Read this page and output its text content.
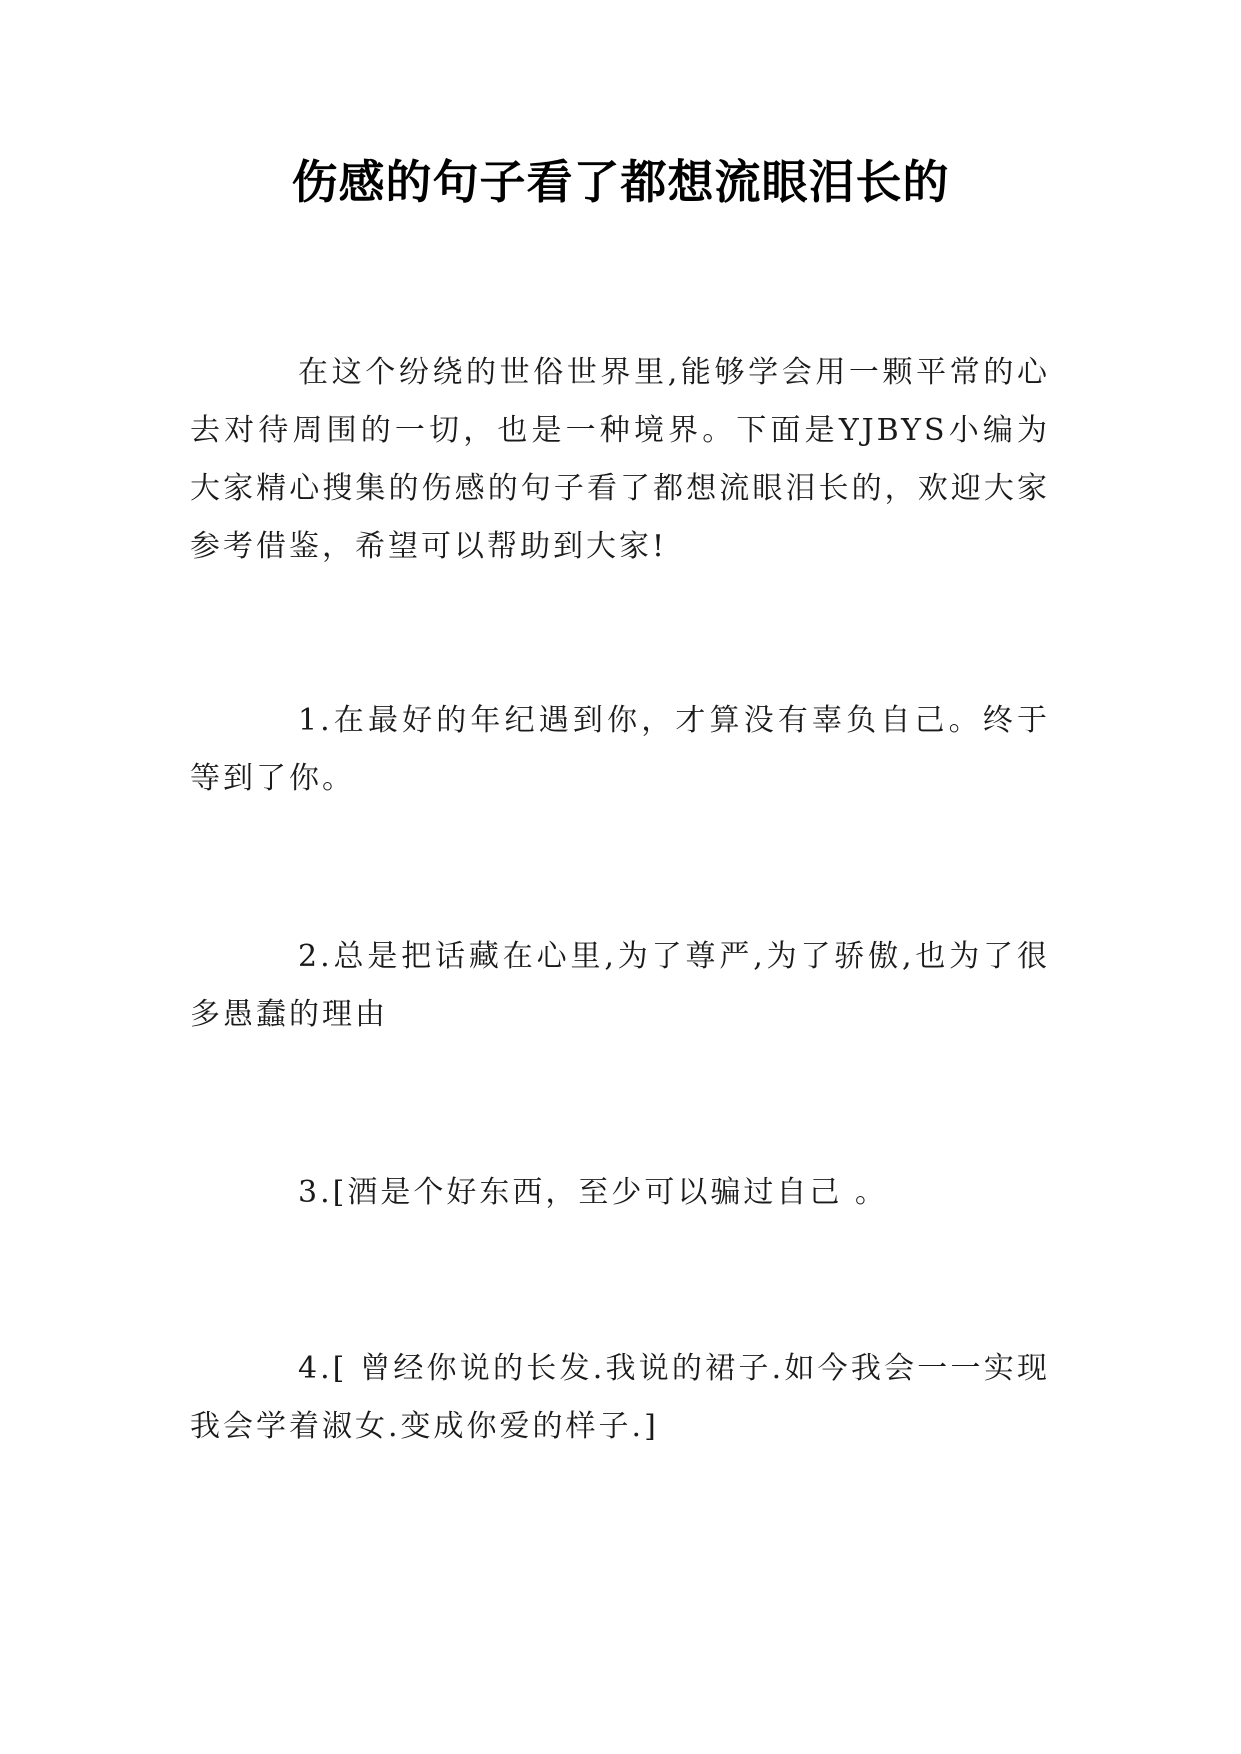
伤感的句子看了都想流眼泪长的

在这个纷绕的世俗世界里,能够学会用一颗平常的心去对待周围的一切，也是一种境界。下面是YJBYS小编为大家精心搜集的伤感的句子看了都想流眼泪长的，欢迎大家参考借鉴，希望可以帮助到大家!

1.在最好的年纪遇到你，才算没有辜负自己。终于等到了你。

2.总是把话藏在心里,为了尊严,为了骄傲,也为了很多愚蠢的理由

3.[酒是个好东西，至少可以骗过自己 。

4.[ 曾经你说的长发.我说的裙子.如今我会一一实现我会学着淑女.变成你爱的样子.]
